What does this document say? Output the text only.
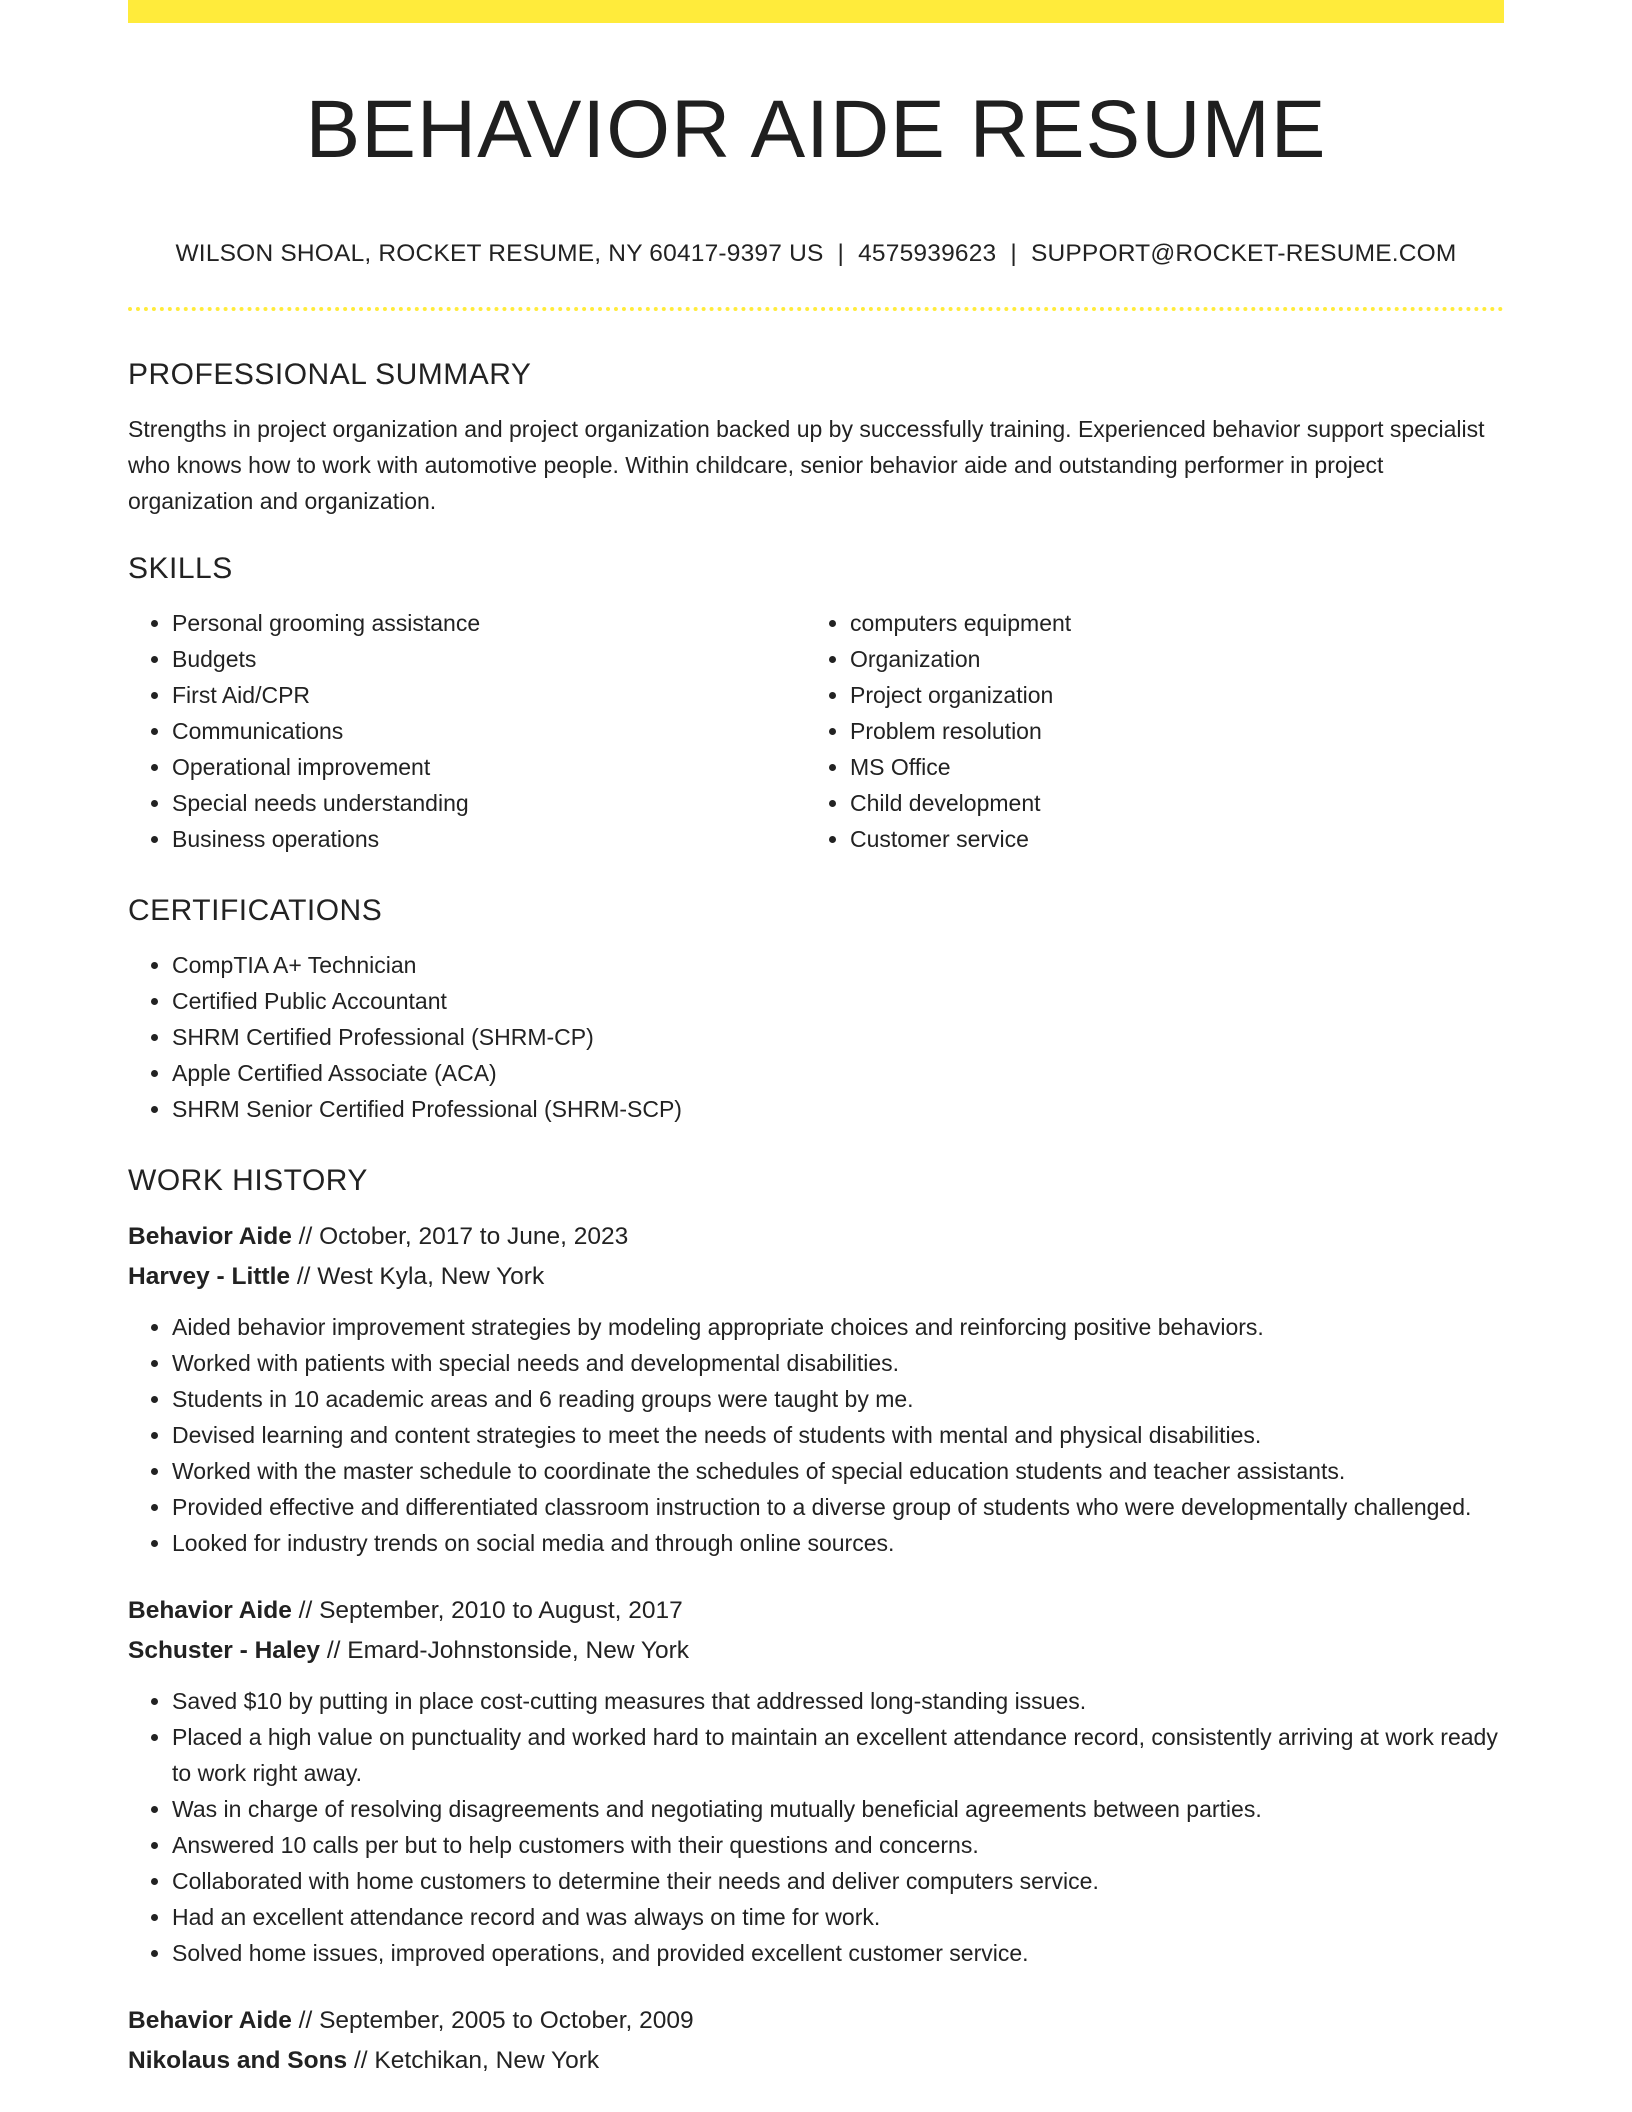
BEHAVIOR AIDE RESUME
WILSON SHOAL, ROCKET RESUME, NY 60417-9397 US | 4575939623 | SUPPORT@ROCKET-RESUME.COM
PROFESSIONAL SUMMARY

Strengths in project organization and project organization backed up by successfully training. Experienced behavior support specialist who knows how to work with automotive people. Within childcare, senior behavior aide and outstanding performer in project organization and organization.

SKILLS
• Personal grooming assistance
• Budgets
• First Aid/CPR
• Communications
• Operational improvement
• Special needs understanding
• Business operations
• computers equipment
• Organization
• Project organization
• Problem resolution
• MS Office
• Child development
• Customer service
CERTIFICATIONS
• CompTIA A+ Technician
• Certified Public Accountant
• SHRM Certified Professional (SHRM-CP)
• Apple Certified Associate (ACA)
• SHRM Senior Certified Professional (SHRM-SCP)
WORK HISTORY
Behavior Aide // October, 2017 to June, 2023
Harvey - Little // West Kyla, New York
• Aided behavior improvement strategies by modeling appropriate choices and reinforcing positive behaviors.
• Worked with patients with special needs and developmental disabilities.
• Students in 10 academic areas and 6 reading groups were taught by me.
• Devised learning and content strategies to meet the needs of students with mental and physical disabilities.
• Worked with the master schedule to coordinate the schedules of special education students and teacher assistants.
• Provided effective and differentiated classroom instruction to a diverse group of students who were developmentally challenged.
• Looked for industry trends on social media and through online sources.
Behavior Aide // September, 2010 to August, 2017
Schuster - Haley // Emard-Johnstonside, New York
• Saved $10 by putting in place cost-cutting measures that addressed long-standing issues.
• Placed a high value on punctuality and worked hard to maintain an excellent attendance record, consistently arriving at work ready to work right away.
• Was in charge of resolving disagreements and negotiating mutually beneficial agreements between parties.
• Answered 10 calls per but to help customers with their questions and concerns.
• Collaborated with home customers to determine their needs and deliver computers service.
• Had an excellent attendance record and was always on time for work.
• Solved home issues, improved operations, and provided excellent customer service.
Behavior Aide // September, 2005 to October, 2009
Nikolaus and Sons // Ketchikan, New York
